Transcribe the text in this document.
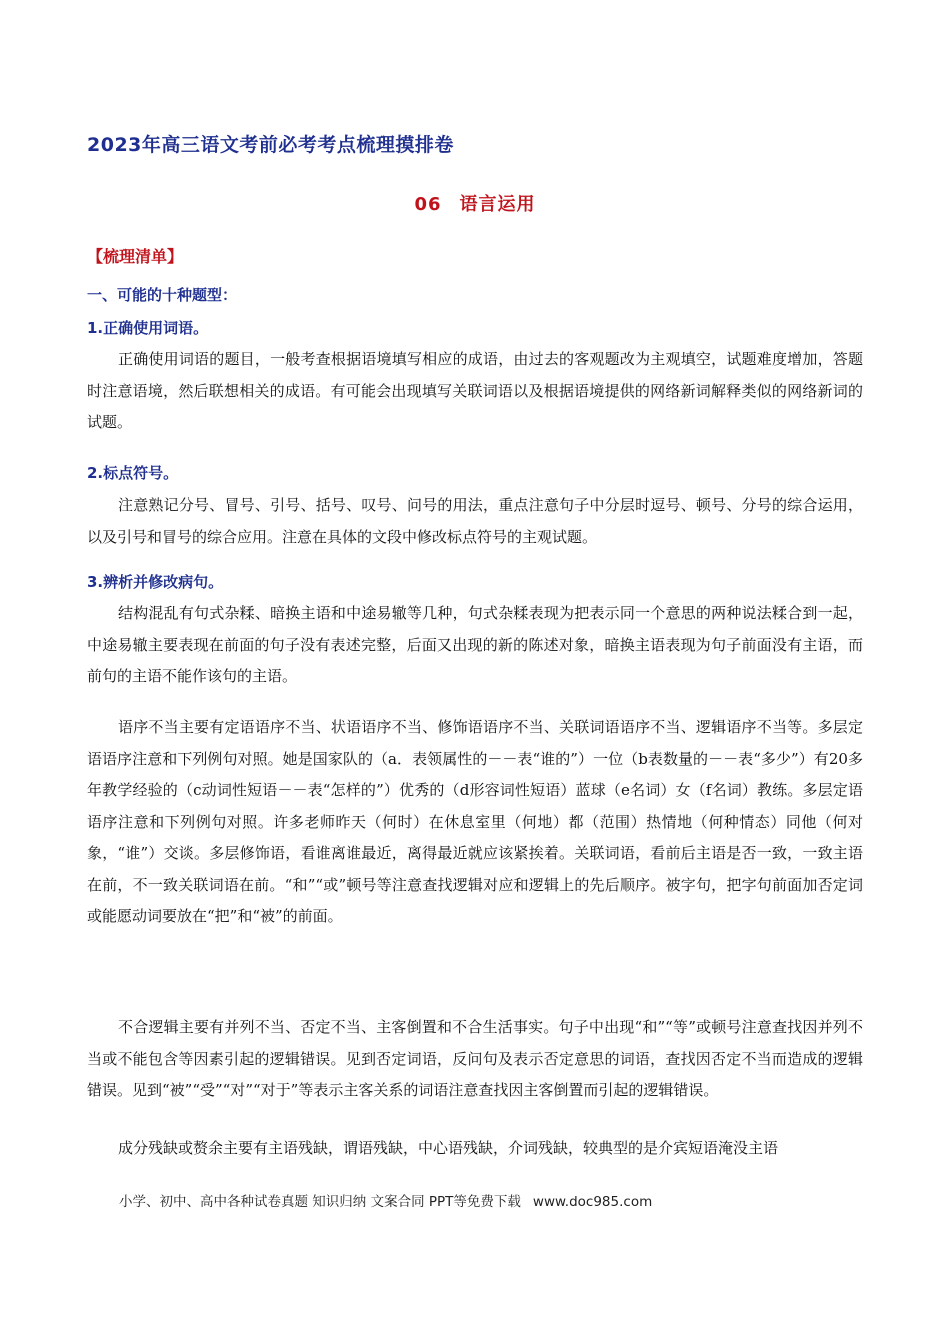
2023年高三语文考前必考考点梳理摸排卷
06 语言运用
【梳理清单】
一、可能的十种题型：
1.正确使用词语。
正确使用词语的题目，一般考查根据语境填写相应的成语，由过去的客观题改为主观填空，试题难度增加，答题时注意语境，然后联想相关的成语。有可能会出现填写关联词语以及根据语境提供的网络新词解释类似的网络新词的试题。
2.标点符号。
注意熟记分号、冒号、引号、括号、叹号、问号的用法，重点注意句子中分层时逗号、顿号、分号的综合运用，以及引号和冒号的综合应用。注意在具体的文段中修改标点符号的主观试题。
3.辨析并修改病句。
结构混乱有句式杂糅、暗换主语和中途易辙等几种，句式杂糅表现为把表示同一个意思的两种说法糅合到一起，中途易辙主要表现在前面的句子没有表述完整，后面又出现的新的陈述对象，暗换主语表现为句子前面没有主语，而前句的主语不能作该句的主语。
语序不当主要有定语语序不当、状语语序不当、修饰语语序不当、关联词语语序不当、逻辑语序不当等。多层定语语序注意和下列例句对照。她是国家队的（a．表领属性的－－表“谁的”）一位（b表数量的－－表“多少”）有20多年教学经验的（c动词性短语－－表“怎样的”）优秀的（d形容词性短语）蓝球（e名词）女（f名词）教练。多层定语语序注意和下列例句对照。许多老师昨天（何时）在休息室里（何地）都（范围）热情地（何种情态）同他（何对象，“谁”）交谈。多层修饰语，看谁离谁最近，离得最近就应该紧挨着。关联词语，看前后主语是否一致，一致主语在前，不一致关联词语在前。“和”“或”顿号等注意查找逻辑对应和逻辑上的先后顺序。被字句，把字句前面加否定词或能愿动词要放在“把”和“被”的前面。
不合逻辑主要有并列不当、否定不当、主客倒置和不合生活事实。句子中出现“和”“等”或顿号注意查找因并列不当或不能包含等因素引起的逻辑错误。见到否定词语，反问句及表示否定意思的词语，查找因否定不当而造成的逻辑错误。见到“被”“受”“对”“对于”等表示主客关系的词语注意查找因主客倒置而引起的逻辑错误。
成分残缺或赘余主要有主语残缺，谓语残缺，中心语残缺，介词残缺，较典型的是介宾短语淹没主语
小学、初中、高中各种试卷真题 知识归纳 文案合同 PPT等免费下载 www.doc985.com
